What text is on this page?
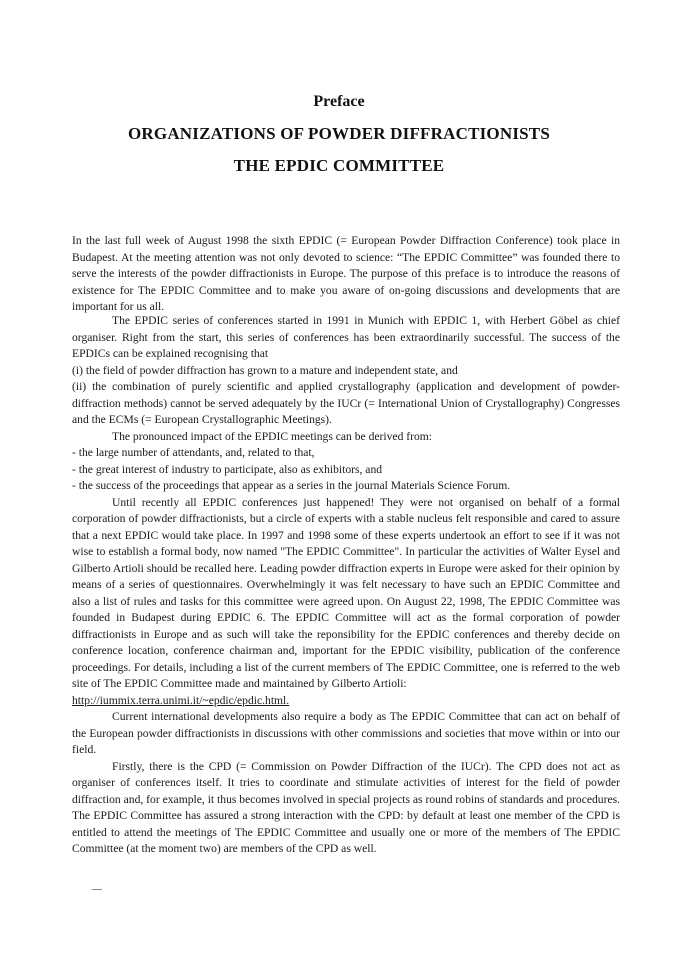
Preface
ORGANIZATIONS OF POWDER DIFFRACTIONISTS
THE EPDIC COMMITTEE

In the last full week of August 1998 the sixth EPDIC (= European Powder Diffraction Conference) took place in Budapest. At the meeting attention was not only devoted to science: “The EPDIC Committee” was founded there to serve the interests of the powder diffractionists in Europe. The purpose of this preface is to introduce the reasons of existence for The EPDIC Committee and to make you aware of on-going discussions and developments that are important for us all.

The EPDIC series of conferences started in 1991 in Munich with EPDIC 1, with Herbert Göbel as chief organiser. Right from the start, this series of conferences has been extraordinarily successful. The success of the EPDICs can be explained recognising that

(i) the field of powder diffraction has grown to a mature and independent state, and

(ii) the combination of purely scientific and applied crystallography (application and development of powder-diffraction methods) cannot be served adequately by the IUCr (= International Union of Crystallography) Congresses and the ECMs (= European Crystallographic Meetings).

The pronounced impact of the EPDIC meetings can be derived from:

- the large number of attendants, and, related to that,

- the great interest of industry to participate, also as exhibitors, and

- the success of the proceedings that appear as a series in the journal Materials Science Forum.

Until recently all EPDIC conferences just happened! They were not organised on behalf of a formal corporation of powder diffractionists, but a circle of experts with a stable nucleus felt responsible and cared to assure that a next EPDIC would take place. In 1997 and 1998 some of these experts undertook an effort to see if it was not wise to establish a formal body, now named "The EPDIC Committee". In particular the activities of Walter Eysel and Gilberto Artioli should be recalled here. Leading powder diffraction experts in Europe were asked for their opinion by means of a series of questionnaires. Overwhelmingly it was felt necessary to have such an EPDIC Committee and also a list of rules and tasks for this committee were agreed upon. On August 22, 1998, The EPDIC Committee was founded in Budapest during EPDIC 6. The EPDIC Committee will act as the formal corporation of powder diffractionists in Europe and as such will take the reponsibility for the EPDIC conferences and thereby decide on conference location, conference chairman and, important for the EPDIC visibility, publication of the conference proceedings. For details, including a list of the current members of The EPDIC Committee, one is referred to the web site of The EPDIC Committee made and maintained by Gilberto Artioli:

http://iummix.terra.unimi.it/~epdic/epdic.html.

Current international developments also require a body as The EPDIC Committee that can act on behalf of the European powder diffractionists in discussions with other commissions and societies that move within or into our field.

Firstly, there is the CPD (= Commission on Powder Diffraction of the IUCr). The CPD does not act as organiser of conferences itself. It tries to coordinate and stimulate activities of interest for the field of powder diffraction and, for example, it thus becomes involved in special projects as round robins of standards and procedures. The EPDIC Committee has assured a strong interaction with the CPD: by default at least one member of the CPD is entitled to attend the meetings of The EPDIC Committee and usually one or more of the members of The EPDIC Committee (at the moment two) are members of the CPD as well.
